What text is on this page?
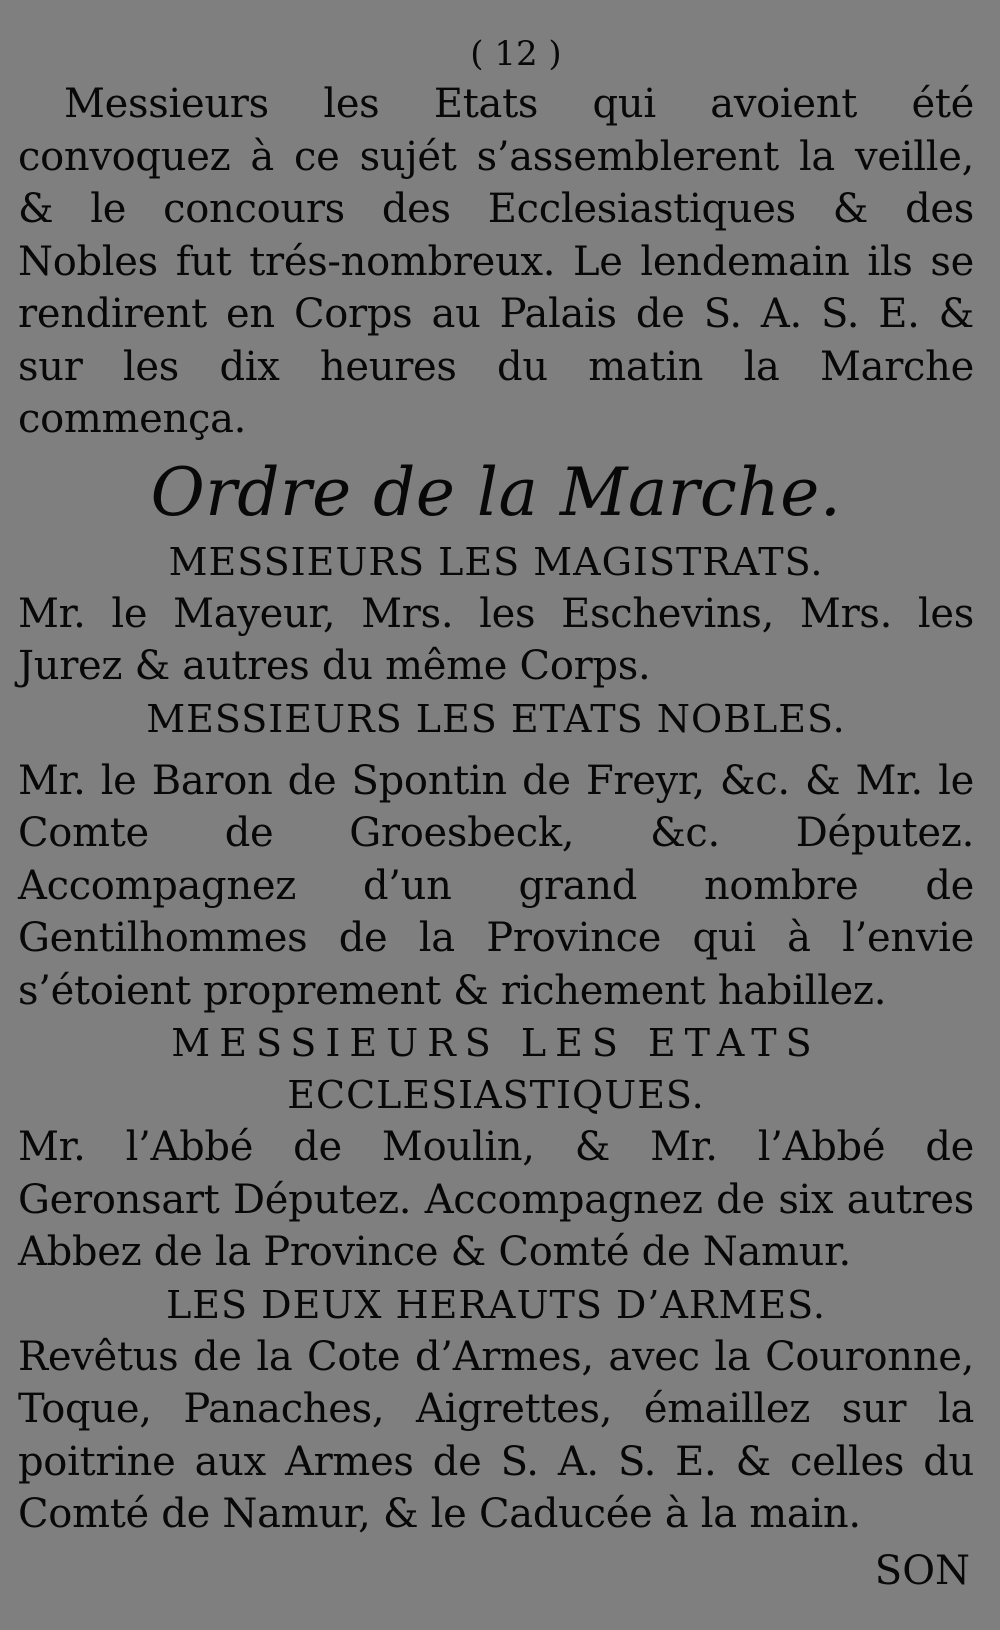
( 12 )

Messieurs les Etats qui avoient été convoquez à ce sujét s’assemblerent la veille, & le concours des Ecclesiastiques & des Nobles fut trés-nombreux. Le lendemain ils se rendirent en Corps au Palais de S. A. S. E. & sur les dix heures du matin la Marche commença.

Ordre de la Marche.
MESSIEURS LES MAGISTRATS.

Mr. le Mayeur, Mrs. les Eschevins, Mrs. les Jurez & autres du même Corps.

MESSIEURS LES ETATS NOBLES.

Mr. le Baron de Spontin de Freyr, &c. & Mr. le Comte de Groesbeck, &c. Députez. Accompagnez d’un grand nombre de Gentilhommes de la Province qui à l’envie s’étoient proprement & richement habillez.

MESSIEURS LES ETATS
ECCLESIASTIQUES.

Mr. l’Abbé de Moulin, & Mr. l’Abbé de Geronsart Députez. Accompagnez de six autres Abbez de la Province & Comté de Namur.

LES DEUX HERAUTS D’ARMES.

Revêtus de la Cote d’Armes, avec la Couronne, Toque, Panaches, Aigrettes, émaillez sur la poitrine aux Armes de S. A. S. E. & celles du Comté de Namur, & le Caducée à la main.

SON
